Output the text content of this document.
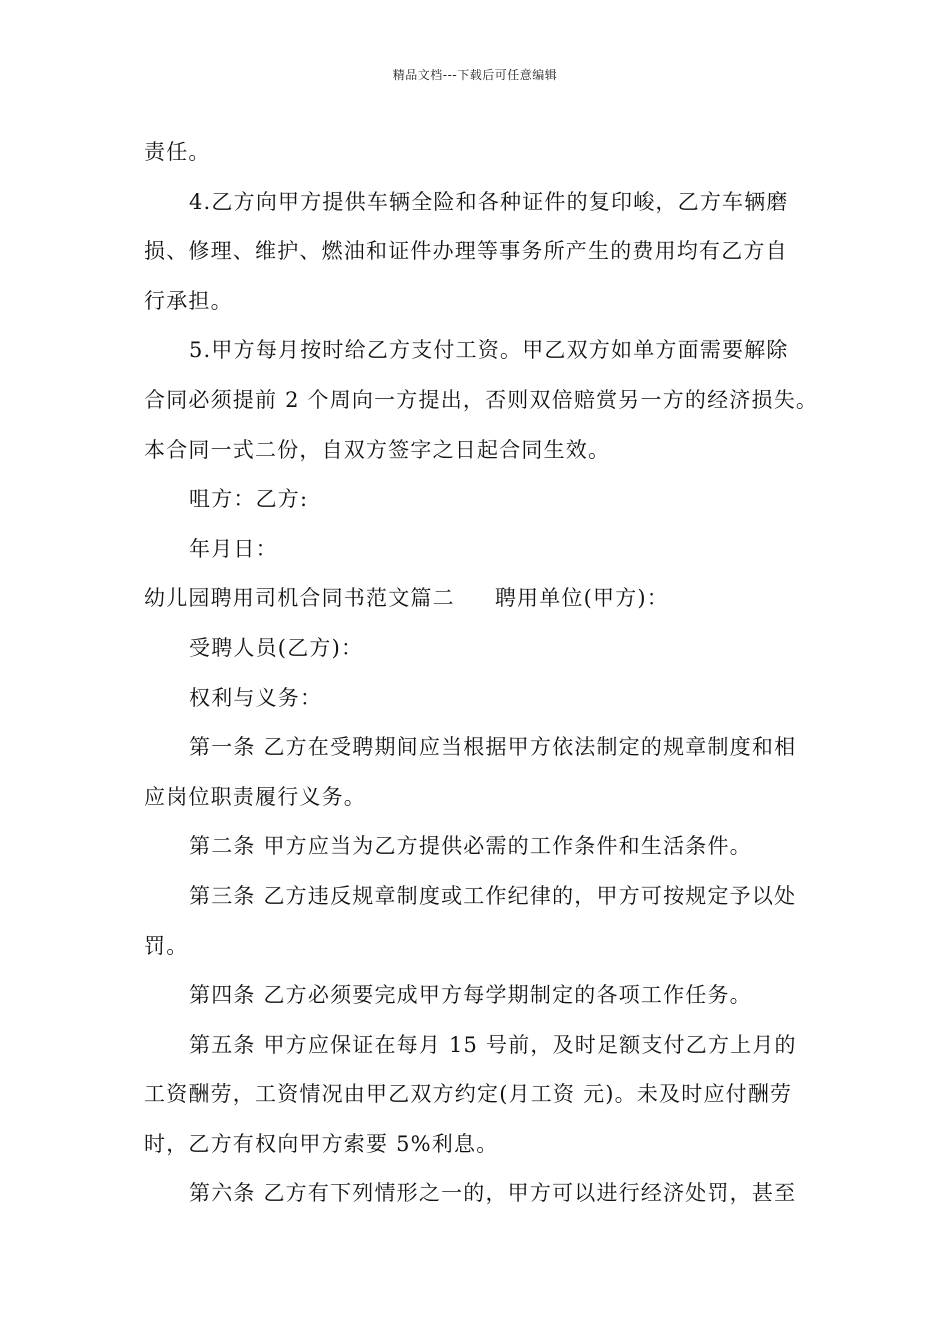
精品文档---下载后可任意编辑
责任。
4.乙方向甲方提供车辆全险和各种证件的复印峻，乙方车辆磨
损、修理、维护、燃油和证件办理等事务所产生的费用均有乙方自
行承担。
5.甲方每月按时给乙方支付工资。甲乙双方如单方面需要解除
合同必须提前 2 个周向一方提出，否则双倍赔赏另一方的经济损失。
本合同一式二份，自双方签字之日起合同生效。
咀方：乙方:
年月日：
幼儿园聘用司机合同书范文篇二 聘用单位(甲方)：
受聘人员(乙方)：
权利与义务：
第一条 乙方在受聘期间应当根据甲方依法制定的规章制度和相
应岗位职责履行义务。
第二条 甲方应当为乙方提供必需的工作条件和生活条件。
第三条 乙方违反规章制度或工作纪律的，甲方可按规定予以处
罚。
第四条 乙方必须要完成甲方每学期制定的各项工作任务。
第五条 甲方应保证在每月 15 号前，及时足额支付乙方上月的
工资酬劳，工资情况由甲乙双方约定(月工资 元)。未及时应付酬劳
时，乙方有权向甲方索要 5%利息。
第六条 乙方有下列情形之一的，甲方可以进行经济处罚，甚至
